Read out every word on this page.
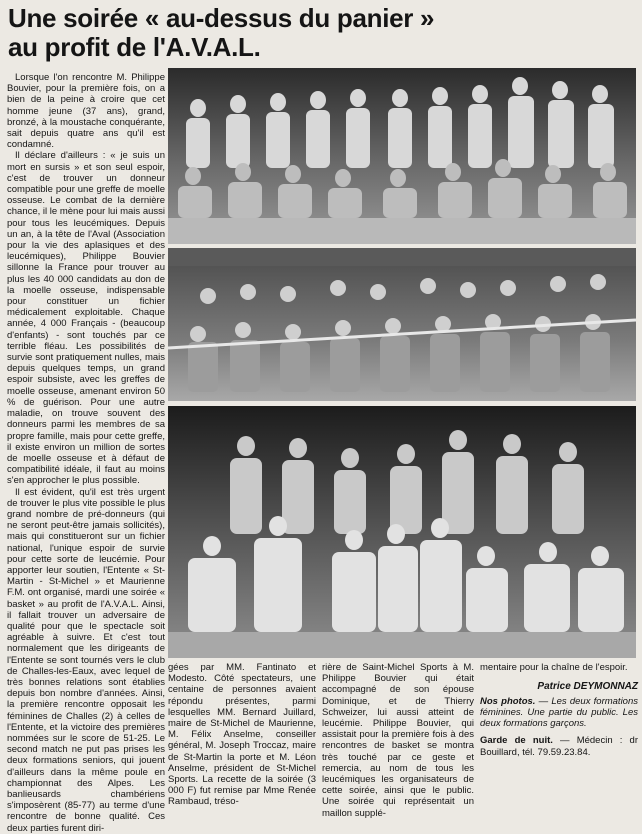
Une soirée « au-dessus du panier »
au profit de l'A.V.A.L.

Lorsque l'on rencontre M. Philippe Bouvier, pour la première fois, on a bien de la peine à croire que cet homme jeune (37 ans), grand, bronzé, à la moustache conquérante, sait depuis quatre ans qu'il est condamné.

Il déclare d'ailleurs : « je suis un mort en sursis » et son seul espoir, c'est de trouver un donneur compatible pour une greffe de moelle osseuse. Le combat de la dernière chance, il le mène pour lui mais aussi pour tous les leucémiques. Depuis un an, à la tête de l'Aval (Association pour la vie des aplasiques et des leucémiques), Philippe Bouvier sillonne la France pour trouver au plus les 40 000 candidats au don de la moelle osseuse, indispensable pour constituer un fichier médicalement exploitable. Chaque année, 4 000 Français - (beaucoup d'enfants) - sont touchés par ce terrible fléau. Les possibilités de survie sont pratiquement nulles, mais depuis quelques temps, un grand espoir subsiste, avec les greffes de moelle osseuse, amenant environ 50 % de guérison. Pour une autre maladie, on trouve souvent des donneurs parmi les membres de sa propre famille, mais pour cette greffe, il existe environ un million de sortes de moelle osseuse et à défaut de compatibilité idéale, il faut au moins s'en approcher le plus possible.

Il est évident, qu'il est très urgent de trouver le plus vite possible le plus grand nombre de pré-donneurs (qui ne seront peut-être jamais sollicités), mais qui constitueront sur un fichier national, l'unique espoir de survie pour cette sorte de leucémie. Pour apporter leur soutien, l'Entente « St-Martin - St-Michel » et Maurienne F.M. ont organisé, mardi une soirée « basket » au profit de l'A.V.A.L. Ainsi, il fallait trouver un adversaire de qualité pour que le spectacle soit agréable à suivre. Et c'est tout normalement que les dirigeants de l'Entente se sont tournés vers le club de Challes-les-Eaux, avec lequel de très bonnes relations sont établies depuis bon nombre d'années. Ainsi, la première rencontre opposait les féminines de Challes (2) à celles de l'Entente, et la victoire des premières nommées sur le score de 51-25. Le second match ne put pas prises les deux formations seniors, qui jouent d'ailleurs dans la même poule en championnat des Alpes. Les banlieusards chambériens s'imposèrent (85-77) au terme d'une rencontre de bonne qualité. Ces deux parties furent diri-

gées par MM. Fantinato et Modesto. Côté spectateurs, une centaine de personnes avaient répondu présentes, parmi lesquelles MM. Bernard Juillard, maire de St-Michel de Maurienne, M. Félix Anselme, conseiller général, M. Joseph Troccaz, maire de St-Martin la porte et M. Léon Anselme, président de St-Michel Sports. La recette de la soirée (3 000 F) fut remise par Mme Renée Rambaud, tréso-

rière de Saint-Michel Sports à M. Philippe Bouvier qui était accompagné de son épouse Dominique, et de Thierry Schweizer, lui aussi atteint de leucémie. Philippe Bouvier, qui assistait pour la première fois à des rencontres de basket se montra très touché par ce geste et remercia, au nom de tous les leucémiques les organisateurs de cette soirée, ainsi que le public. Une soirée qui représentait un maillon supplé-

mentaire pour la chaîne de l'espoir.

Patrice DEYMONNAZ

Nos photos. — Les deux formations féminines. Une partie du public. Les deux formations garçons.

Garde de nuit. — Médecin : dr Bouillard, tél. 79.59.23.84.
